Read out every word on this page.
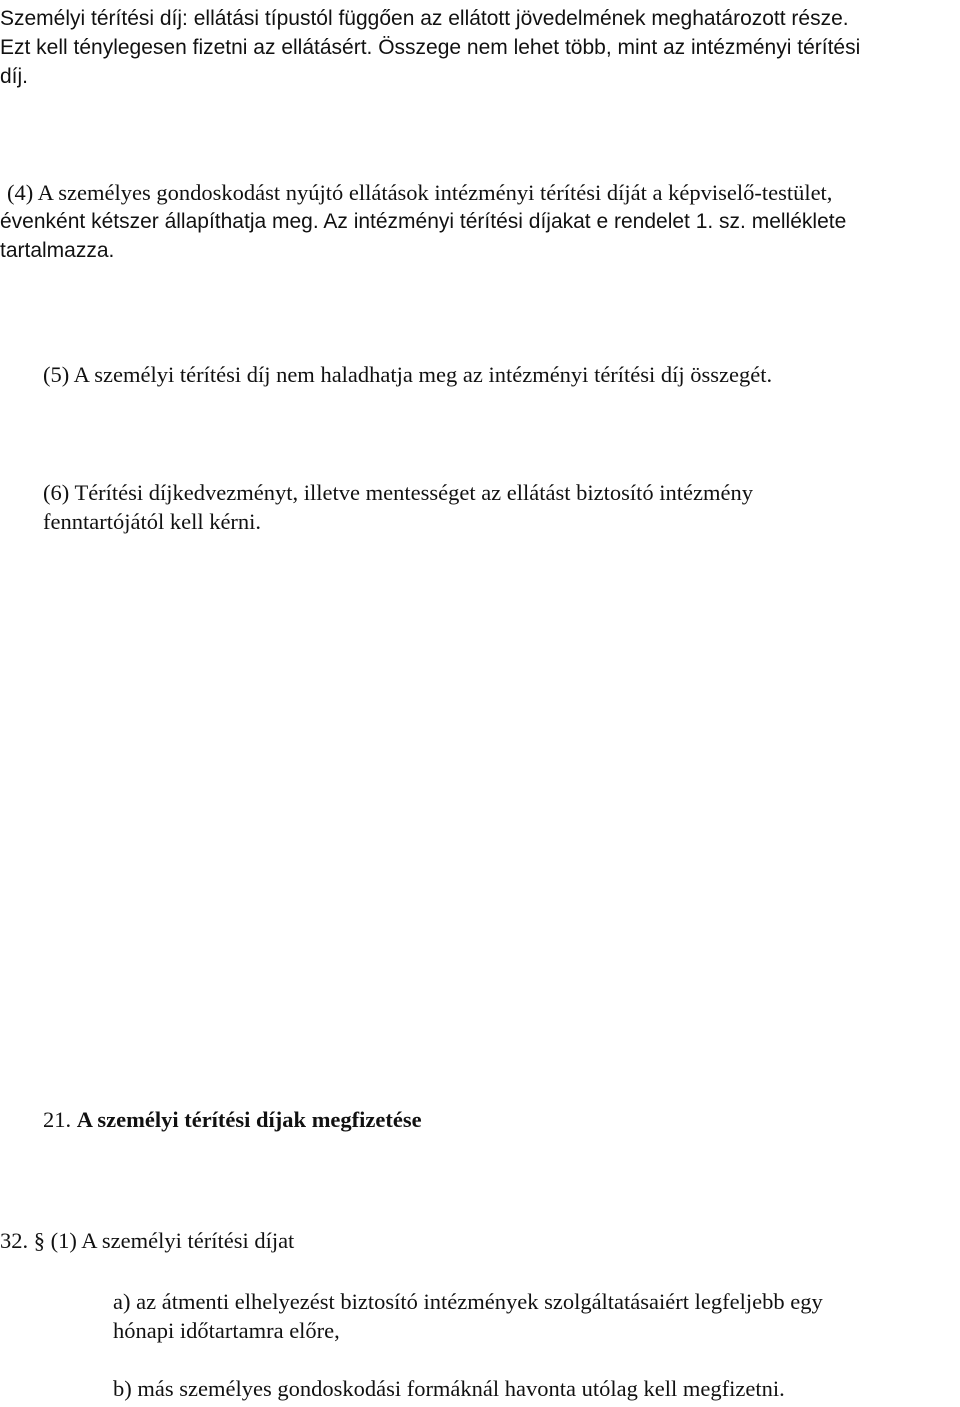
Személyi térítési díj: ellátási típustól függően az ellátott jövedelmének meghatározott része.

Ezt kell ténylegesen fizetni az ellátásért. Összege nem lehet több, mint az intézményi térítési

díj.

(4) A személyes gondoskodást nyújtó ellátások intézményi térítési díját a képviselő-testület,

évenként kétszer állapíthatja meg. Az intézményi térítési díjakat e rendelet 1. sz. melléklete

tartalmazza.

(5) A személyi térítési díj nem haladhatja meg az intézményi térítési díj összegét.

(6) Térítési díjkedvezményt, illetve mentességet az ellátást biztosító intézmény

fenntartójától kell kérni.

21. A személyi térítési díjak megfizetése

32. § (1) A személyi térítési díjat

a) az átmenti elhelyezést biztosító intézmények szolgáltatásaiért legfeljebb egy

hónapi időtartamra előre,

b) más személyes gondoskodási formáknál havonta utólag kell megfizetni.
